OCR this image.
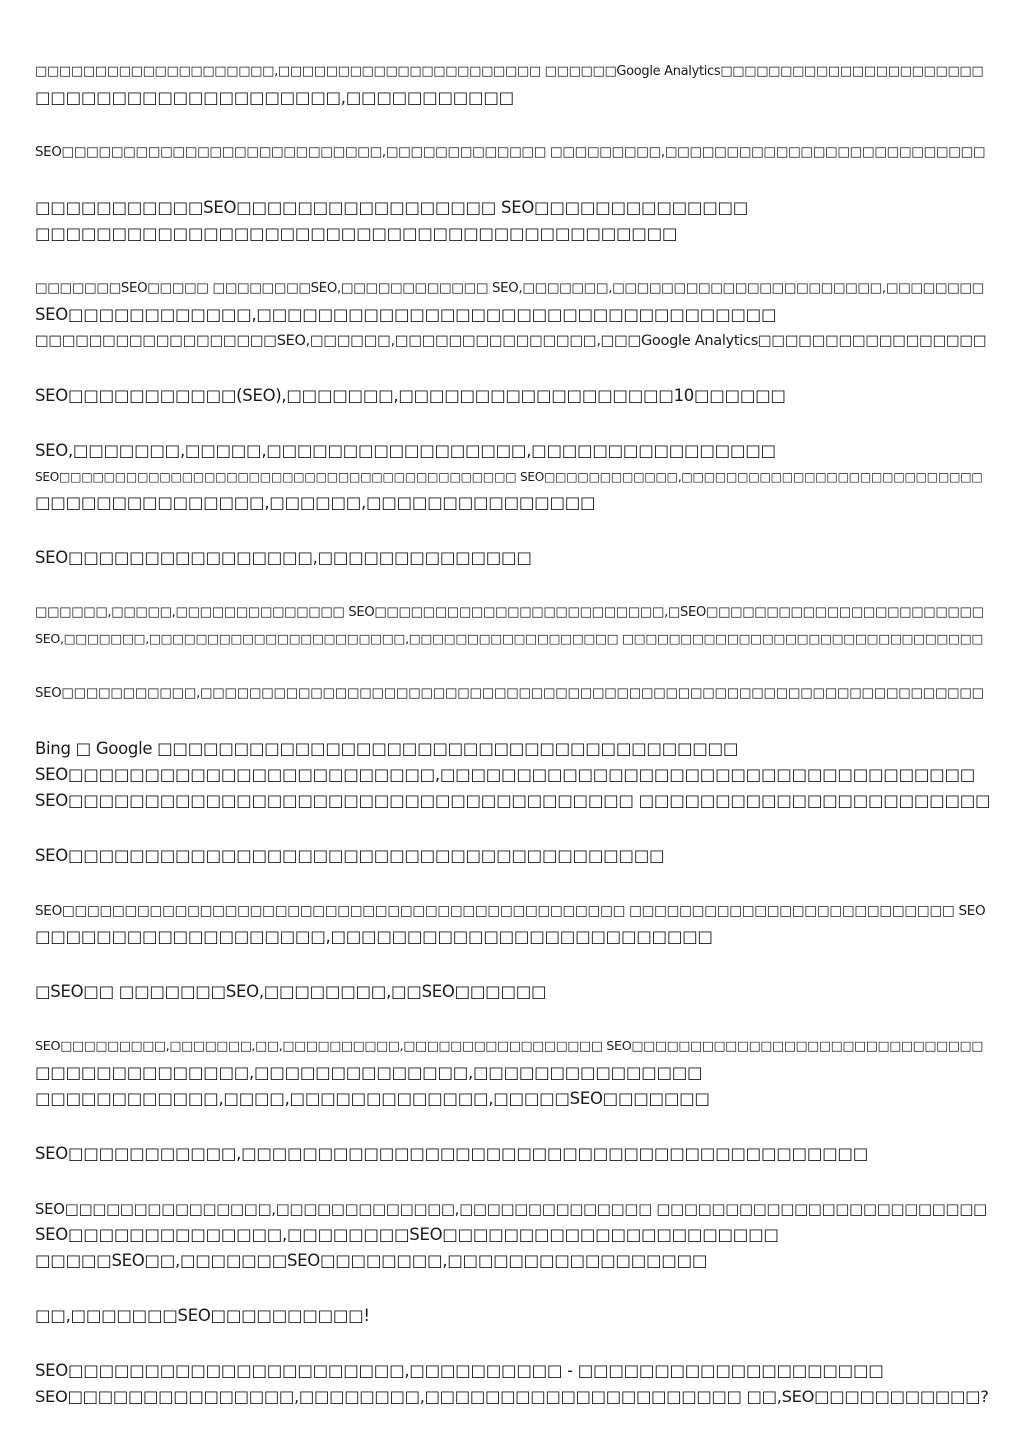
□□□□□□□□□□□□□□□□□□□□,□□□□□□□□□□□□□□□□□□□□□□ □□□□□□Google Analytics□□□□□□□□□□□□□□□□□□□□□□
□□□□□□□□□□□□□□□□□□□□,□□□□□□□□□□□
SEO□□□□□□□□□□□□□□□□□□□□□□□□□□,□□□□□□□□□□□□□ □□□□□□□□□,□□□□□□□□□□□□□□□□□□□□□□□□□□
□□□□□□□□□□□SEO□□□□□□□□□□□□□□□□□ SEO□□□□□□□□□□□□□□
□□□□□□□□□□□□□□□□□□□□□□□□□□□□□□□□□□□□□□□□□□
□□□□□□□SEO□□□□□ □□□□□□□□SEO,□□□□□□□□□□□□ SEO,□□□□□□□,□□□□□□□□□□□□□□□□□□□□□□,□□□□□□□□
SEO□□□□□□□□□□□□,□□□□□□□□□□□□□□□□□□□□□□□□□□□□□□□□□□
□□□□□□□□□□□□□□□□□□SEO,□□□□□□,□□□□□□□□□□□□□□□,□□□Google Analytics□□□□□□□□□□□□□□□□□
SEO□□□□□□□□□□□(SEO),□□□□□□□,□□□□□□□□□□□□□□□□□□10□□□□□□
SEO,□□□□□□□,□□□□□,□□□□□□□□□□□□□□□□□,□□□□□□□□□□□□□□□□
SEO□□□□□□□□□□□□□□□□□□□□□□□□□□□□□□□□□□□□□□□□□ SEO□□□□□□□□□□□□,□□□□□□□□□□□□□□□□□□□□□□□□□□□
□□□□□□□□□□□□□□□,□□□□□□,□□□□□□□□□□□□□□□
SEO□□□□□□□□□□□□□□□□,□□□□□□□□□□□□□□
□□□□□□,□□□□□,□□□□□□□□□□□□□□ SEO□□□□□□□□□□□□□□□□□□□□□□□□,□SEO□□□□□□□□□□□□□□□□□□□□□□□
SEO,□□□□□□□,□□□□□□□□□□□□□□□□□□□□□□,□□□□□□□□□□□□□□□□□□ □□□□□□□□□□□□□□□□□□□□□□□□□□□□□□□
SEO□□□□□□□□□□□,□□□□□□□□□□□□□□□□□□□□□□□□□□□□□□□□□□□□□□□□□□□□□□□□□□□□□□□□□□□□□□□□
Bing □ Google □□□□□□□□□□□□□□□□□□□□□□□□□□□□□□□□□□□□□□
SEO□□□□□□□□□□□□□□□□□□□□□□□□,□□□□□□□□□□□□□□□□□□□□□□□□□□□□□□□□□□□
SEO□□□□□□□□□□□□□□□□□□□□□□□□□□□□□□□□□□□□□ □□□□□□□□□□□□□□□□□□□□□□□
SEO□□□□□□□□□□□□□□□□□□□□□□□□□□□□□□□□□□□□□□□
SEO□□□□□□□□□□□□□□□□□□□□□□□□□□□□□□□□□□□□□□□□□□□□□ □□□□□□□□□□□□□□□□□□□□□□□□□□ SEO
□□□□□□□□□□□□□□□□□□□,□□□□□□□□□□□□□□□□□□□□□□□□□
□SEO□□ □□□□□□□SEO,□□□□□□□□,□□SEO□□□□□□
SEO□□□□□□□□□,□□□□□□□,□□,□□□□□□□□□□,□□□□□□□□□□□□□□□□□ SEO□□□□□□□□□□□□□□□□□□□□□□□□□□□□□□
□□□□□□□□□□□□□□,□□□□□□□□□□□□□□,□□□□□□□□□□□□□□□
□□□□□□□□□□□□,□□□□,□□□□□□□□□□□□□,□□□□□SEO□□□□□□□
SEO□□□□□□□□□□□,□□□□□□□□□□□□□□□□□□□□□□□□□□□□□□□□□□□□□□□□□
SEO□□□□□□□□□□□□□□□,□□□□□□□□□□□□□,□□□□□□□□□□□□□□ □□□□□□□□□□□□□□□□□□□□□□□□
SEO□□□□□□□□□□□□□□,□□□□□□□□SEO□□□□□□□□□□□□□□□□□□□□□□
□□□□□SEO□□,□□□□□□□SEO□□□□□□□□,□□□□□□□□□□□□□□□□□
□□,□□□□□□□SEO□□□□□□□□□□!
SEO□□□□□□□□□□□□□□□□□□□□□□,□□□□□□□□□□ - □□□□□□□□□□□□□□□□□□□□
SEO□□□□□□□□□□□□□□□,□□□□□□□□,□□□□□□□□□□□□□□□□□□□□□ □□,SEO□□□□□□□□□□□?
